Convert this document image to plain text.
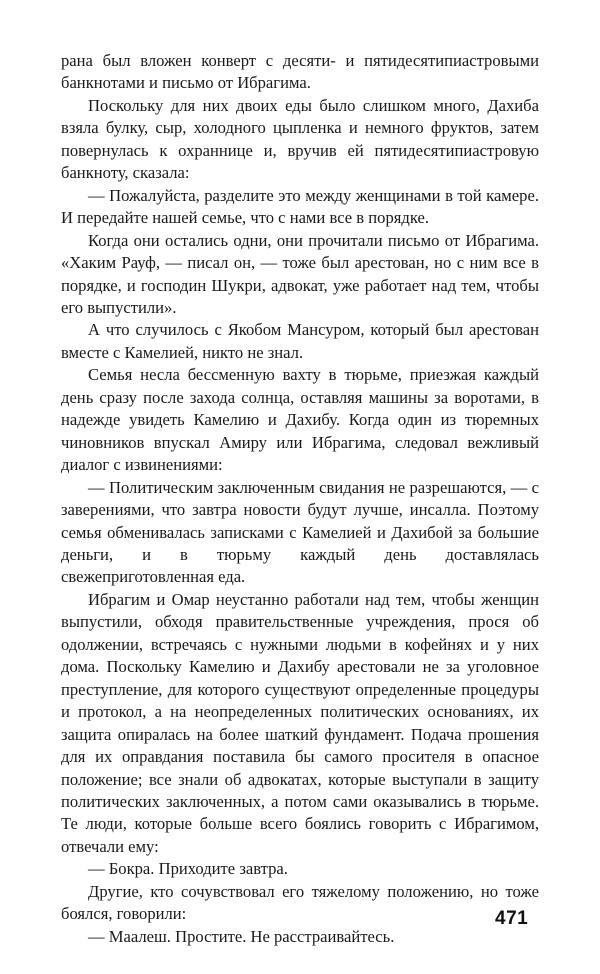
рана был вложен конверт с десяти- и пятидесятипиастровыми банкнотами и письмо от Ибрагима.

Поскольку для них двоих еды было слишком много, Дахиба взяла булку, сыр, холодного цыпленка и немного фруктов, затем повернулась к охраннице и, вручив ей пятидесятипиастровую банкноту, сказала:

— Пожалуйста, разделите это между женщинами в той камере. И передайте нашей семье, что с нами все в порядке.

Когда они остались одни, они прочитали письмо от Ибрагима. «Хаким Рауф, — писал он, — тоже был арестован, но с ним все в порядке, и господин Шукри, адвокат, уже работает над тем, чтобы его выпустили».

А что случилось с Якобом Мансуром, который был арестован вместе с Камелией, никто не знал.

Семья несла бессменную вахту в тюрьме, приезжая каждый день сразу после захода солнца, оставляя машины за воротами, в надежде увидеть Камелию и Дахибу. Когда один из тюремных чиновников впускал Амиру или Ибрагима, следовал вежливый диалог с извинениями:

— Политическим заключенным свидания не разрешаются, — с заверениями, что завтра новости будут лучше, инсалла. Поэтому семья обменивалась записками с Камелией и Дахибой за большие деньги, и в тюрьму каждый день доставлялась свежеприготовленная еда.

Ибрагим и Омар неустанно работали над тем, чтобы женщин выпустили, обходя правительственные учреждения, прося об одолжении, встречаясь с нужными людьми в кофейнях и у них дома. Поскольку Камелию и Дахибу арестовали не за уголовное преступление, для которого существуют определенные процедуры и протокол, а на неопределенных политических основаниях, их защита опиралась на более шаткий фундамент. Подача прошения для их оправдания поставила бы самого просителя в опасное положение; все знали об адвокатах, которые выступали в защиту политических заключенных, а потом сами оказывались в тюрьме. Те люди, которые больше всего боялись говорить с Ибрагимом, отвечали ему:

— Бокра. Приходите завтра.

Другие, кто сочувствовал его тяжелому положению, но тоже боялся, говорили:

— Маалеш. Простите. Не расстраивайтесь.

471
